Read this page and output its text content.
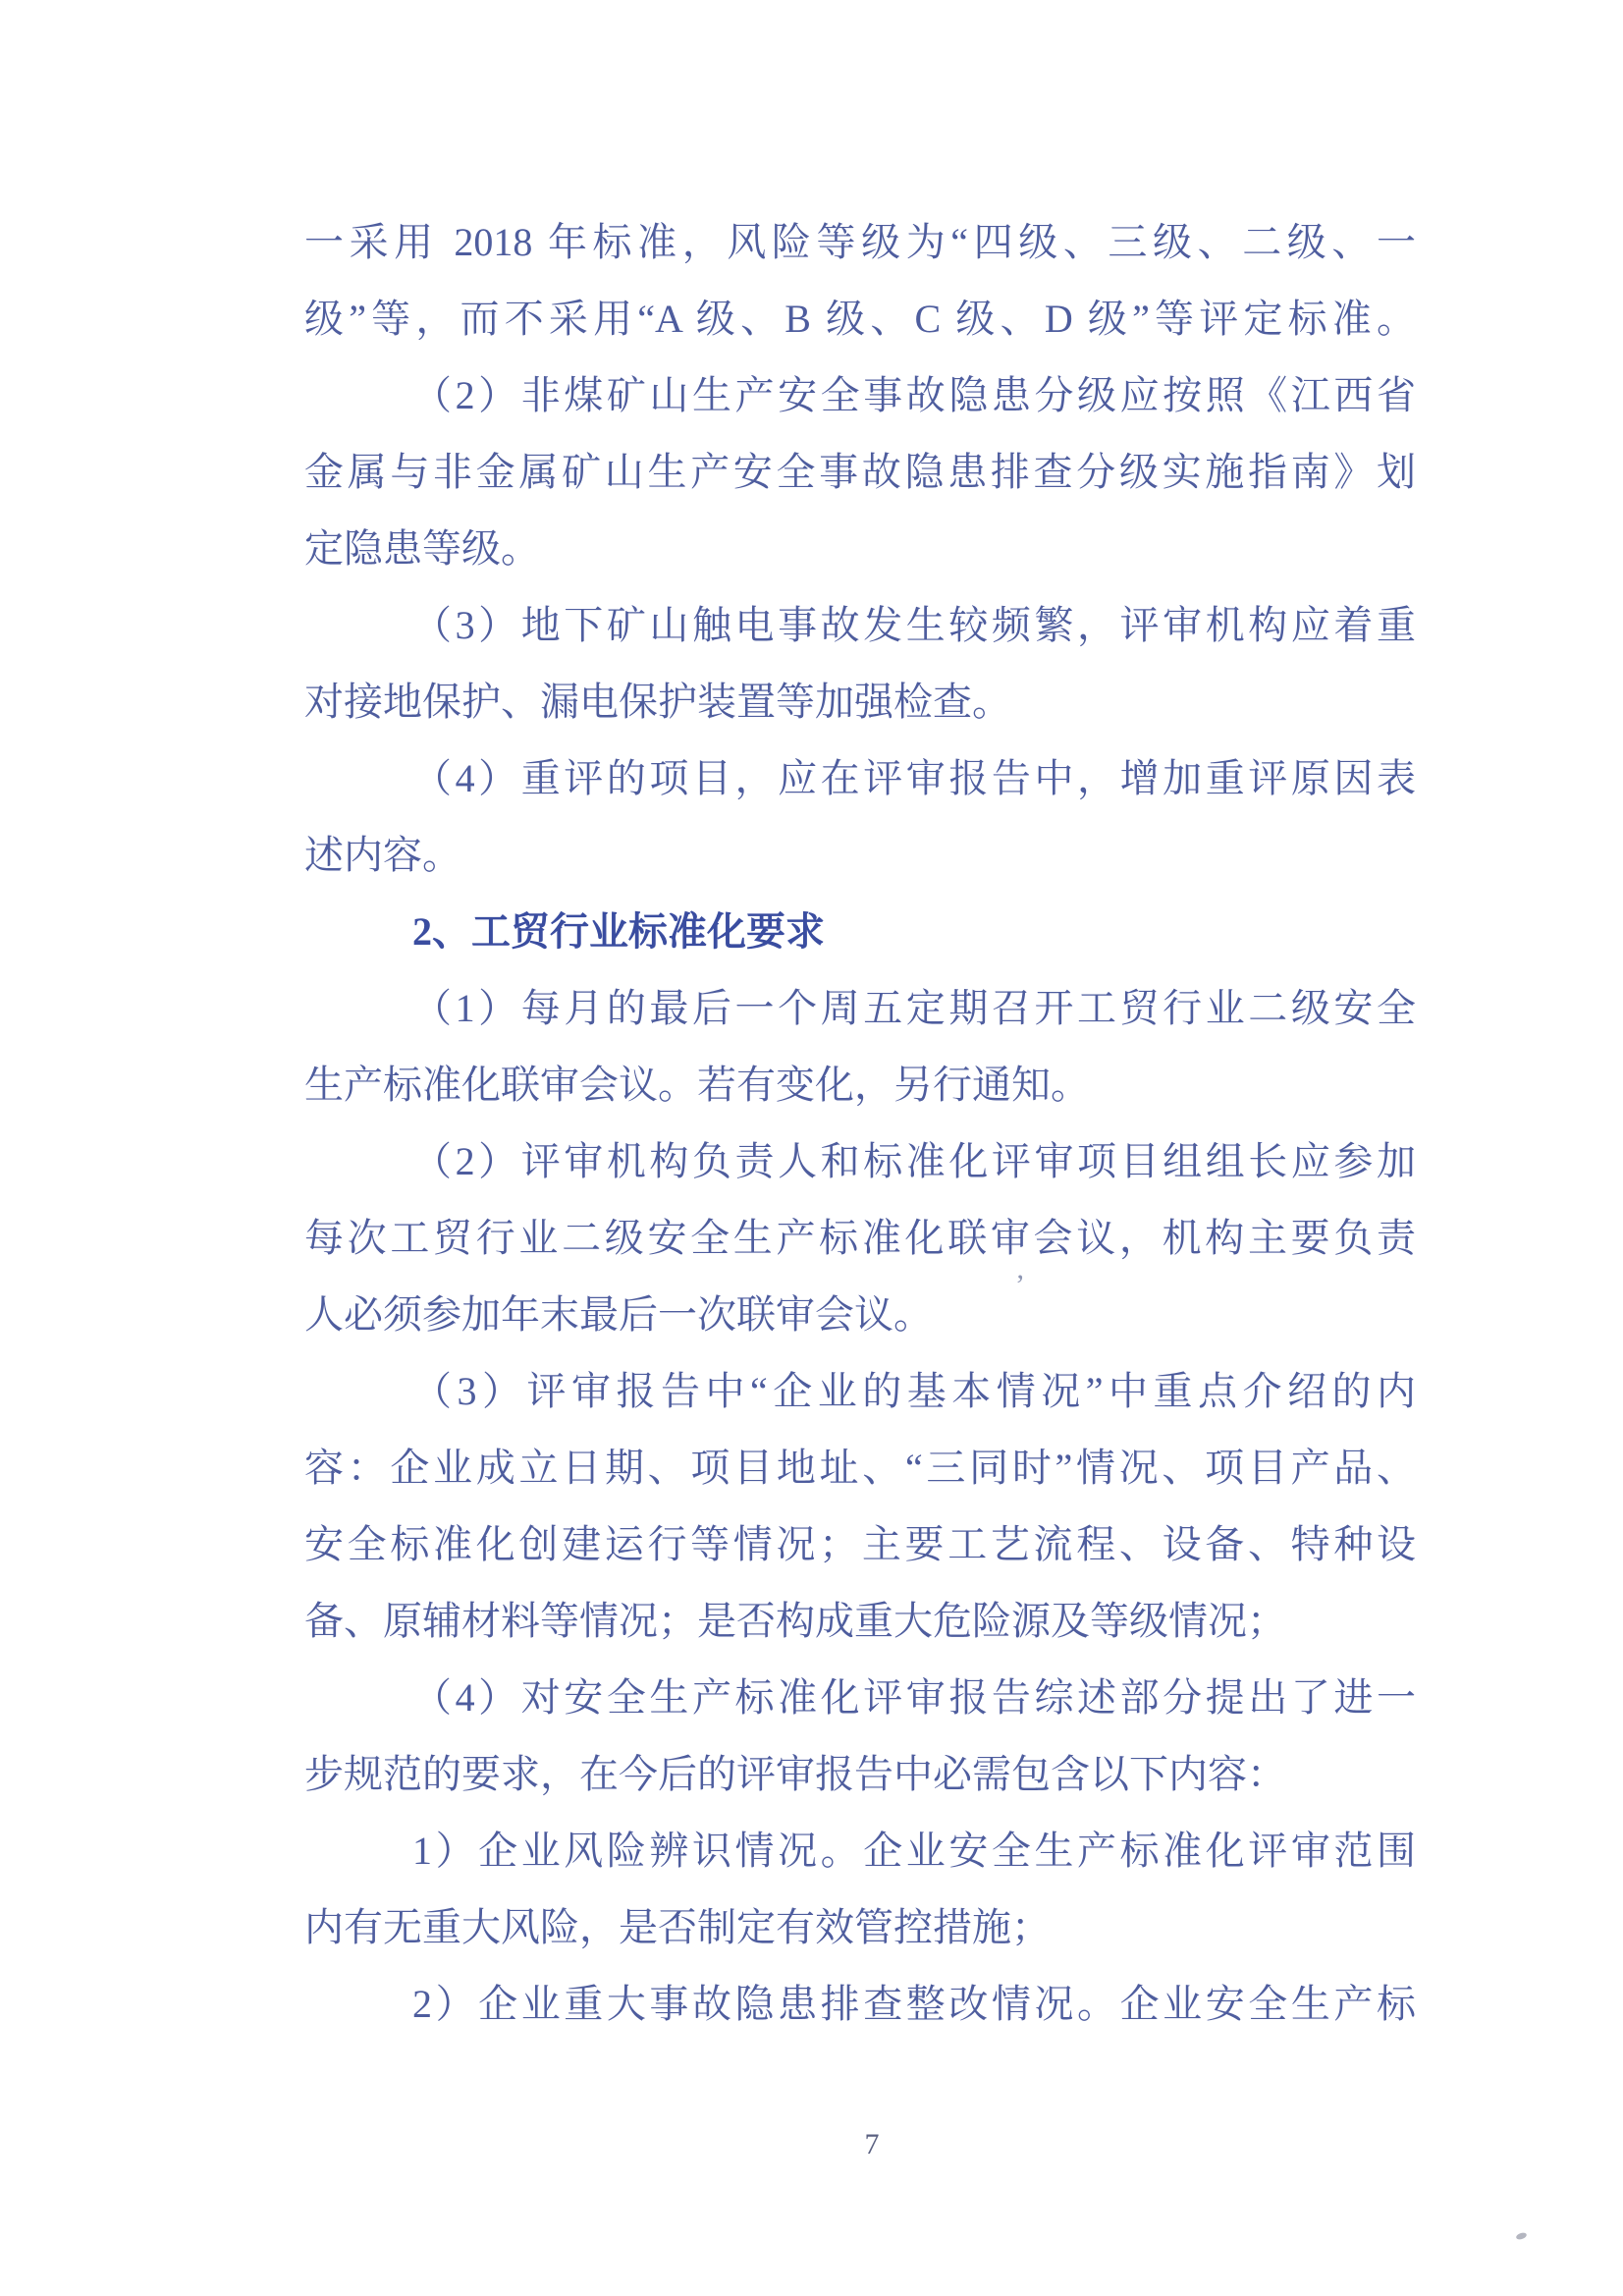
一采用 2018 年标准，风险等级为“四级、三级、二级、一
级”等，而不采用“A 级、B 级、C 级、D 级”等评定标准。
（2）非煤矿山生产安全事故隐患分级应按照《江西省
金属与非金属矿山生产安全事故隐患排查分级实施指南》划
定隐患等级。
（3）地下矿山触电事故发生较频繁，评审机构应着重
对接地保护、漏电保护装置等加强检查。
（4）重评的项目，应在评审报告中，增加重评原因表
述内容。
2、工贸行业标准化要求
（1）每月的最后一个周五定期召开工贸行业二级安全
生产标准化联审会议。若有变化，另行通知。
（2）评审机构负责人和标准化评审项目组组长应参加
每次工贸行业二级安全生产标准化联审会议，机构主要负责
人必须参加年末最后一次联审会议。
（3）评审报告中“企业的基本情况”中重点介绍的内
容：企业成立日期、项目地址、“三同时”情况、项目产品、
安全标准化创建运行等情况；主要工艺流程、设备、特种设
备、原辅材料等情况；是否构成重大危险源及等级情况；
（4）对安全生产标准化评审报告综述部分提出了进一
步规范的要求，在今后的评审报告中必需包含以下内容：
1）企业风险辨识情况。企业安全生产标准化评审范围
内有无重大风险，是否制定有效管控措施；
2）企业重大事故隐患排查整改情况。企业安全生产标
’
7
